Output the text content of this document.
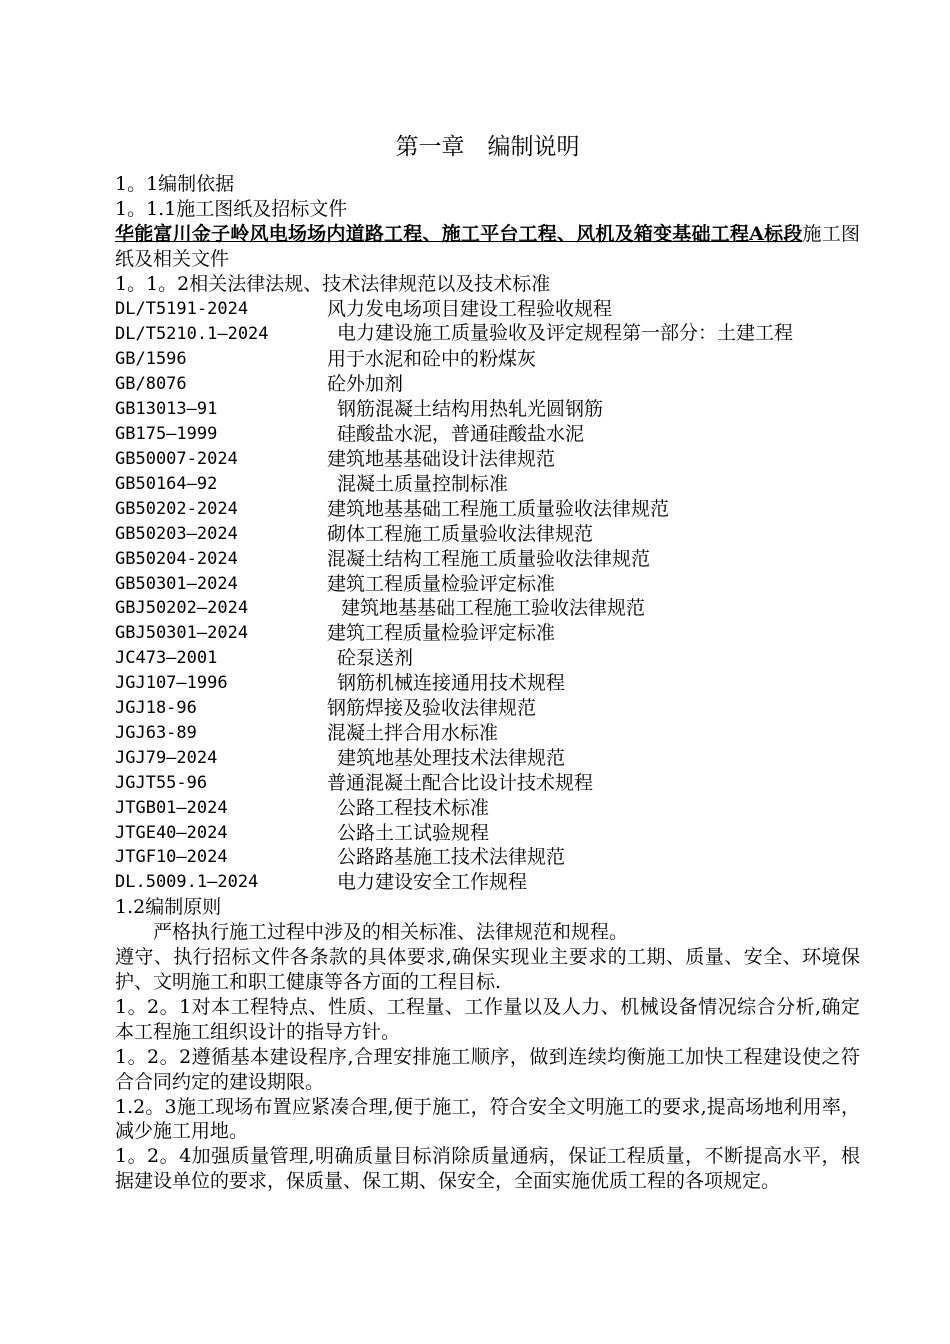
第一章　编制说明
1。1编制依据
1。1.1施工图纸及招标文件
华能富川金子岭风电场场内道路工程、施工平台工程、风机及箱变基础工程A标段施工图纸及相关文件
1。1。2相关法律法规、技术法律规范以及技术标准
DL/T5191-2024	风力发电场项目建设工程验收规程
DL/T5210.1—2024	电力建设施工质量验收及评定规程第一部分：土建工程
GB/1596	用于水泥和砼中的粉煤灰
GB/8076	砼外加剂
GB13013—91	钢筋混凝土结构用热轧光圆钢筋
GB175—1999	硅酸盐水泥，普通硅酸盐水泥
GB50007-2024	建筑地基基础设计法律规范
GB50164—92	混凝土质量控制标准
GB50202-2024	建筑地基基础工程施工质量验收法律规范
GB50203—2024	砌体工程施工质量验收法律规范
GB50204-2024	混凝土结构工程施工质量验收法律规范
GB50301—2024	建筑工程质量检验评定标准
GBJ50202—2024	建筑地基基础工程施工验收法律规范
GBJ50301—2024	建筑工程质量检验评定标准
JC473—2001	砼泵送剂
JGJ107—1996	钢筋机械连接通用技术规程
JGJ18-96	钢筋焊接及验收法律规范
JGJ63-89	混凝土拌合用水标准
JGJ79—2024	建筑地基处理技术法律规范
JGJT55-96	普通混凝土配合比设计技术规程
JTGB01—2024	公路工程技术标准
JTGE40—2024	公路土工试验规程
JTGF10—2024	公路路基施工技术法律规范
DL.5009.1—2024	电力建设安全工作规程
1.2编制原则
严格执行施工过程中涉及的相关标准、法律规范和规程。
遵守、执行招标文件各条款的具体要求,确保实现业主要求的工期、质量、安全、环境保护、文明施工和职工健康等各方面的工程目标.
1。2。1对本工程特点、性质、工程量、工作量以及人力、机械设备情况综合分析,确定本工程施工组织设计的指导方针。
1。2。2遵循基本建设程序,合理安排施工顺序，做到连续均衡施工加快工程建设使之符合合同约定的建设期限。
1.2。3施工现场布置应紧凑合理,便于施工，符合安全文明施工的要求,提高场地利用率，减少施工用地。
1。2。4加强质量管理,明确质量目标消除质量通病，保证工程质量，不断提高水平，根据建设单位的要求，保质量、保工期、保安全，全面实施优质工程的各项规定。
